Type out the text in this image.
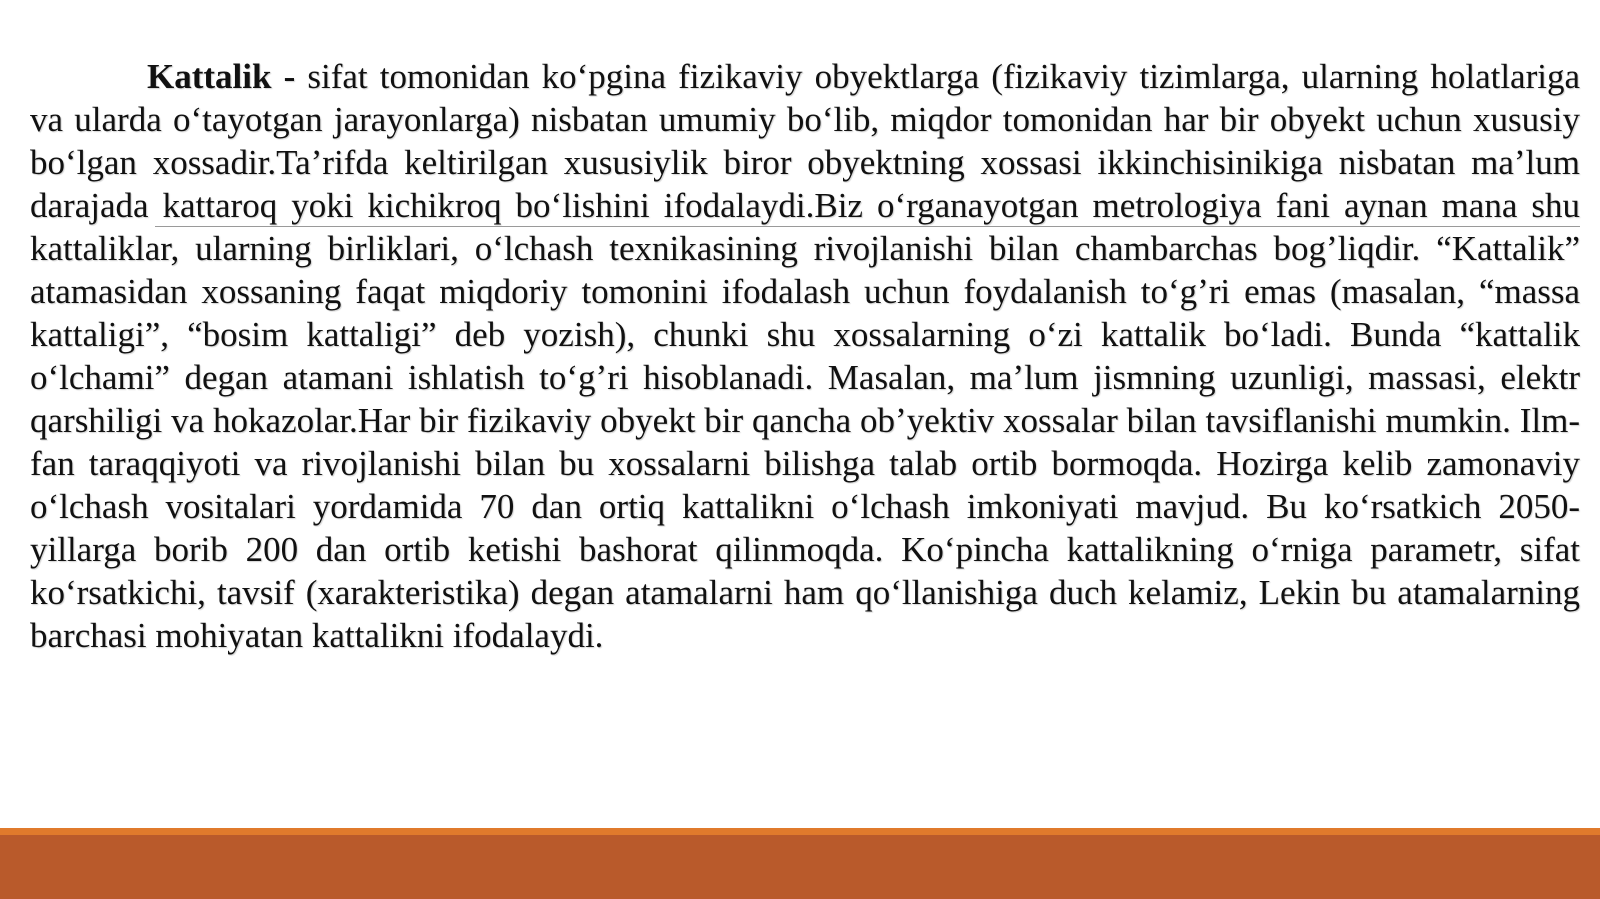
Kattalik - sifat tomonidan koʻpgina fizikaviy obyektlarga (fizikaviy tizimlarga, ularning holatlariga va ularda oʻtayotgan jarayonlarga) nisbatan umumiy boʻlib, miqdor tomonidan har bir obyekt uchun xususiy boʻlgan xossadir.Taʼrifda keltirilgan xususiylik biror obyektning xossasi ikkinchisinikiga nisbatan maʼlum darajada kattaroq yoki kichikroq boʻlishini ifodalaydi.Biz oʻrganayotgan metrologiya fani aynan mana shu kattaliklar, ularning birliklari, oʻlchash texnikasining rivojlanishi bilan chambarchas bogʼliqdir. “Kattalik” atamasidan xossaning faqat miqdoriy tomonini ifodalash uchun foydalanish toʻgʼri emas (masalan, “massa kattaligi”, “bosim kattaligi” deb yozish), chunki shu xossalarning oʻzi kattalik boʻladi. Bunda “kattalik oʻlchami” degan atamani ishlatish toʻgʼri hisoblanadi. Masalan, maʼlum jismning uzunligi, massasi, elektr qarshiligi va hokazolar.Har bir fizikaviy obyekt bir qancha obʼyektiv xossalar bilan tavsiflanishi mumkin. Ilm-fan taraqqiyoti va rivojlanishi bilan bu xossalarni bilishga talab ortib bormoqda. Hozirga kelib zamonaviy oʻlchash vositalari yordamida 70 dan ortiq kattalikni oʻlchash imkoniyati mavjud. Bu koʻrsatkich 2050-yillarga borib 200 dan ortib ketishi bashorat qilinmoqda. Koʻpincha kattalikning oʻrniga parametr, sifat koʻrsatkichi, tavsif (xarakteristika) degan atamalarni ham qoʻllanishiga duch kelamiz, Lekin bu atamalarning barchasi mohiyatan kattalikni ifodalaydi.
